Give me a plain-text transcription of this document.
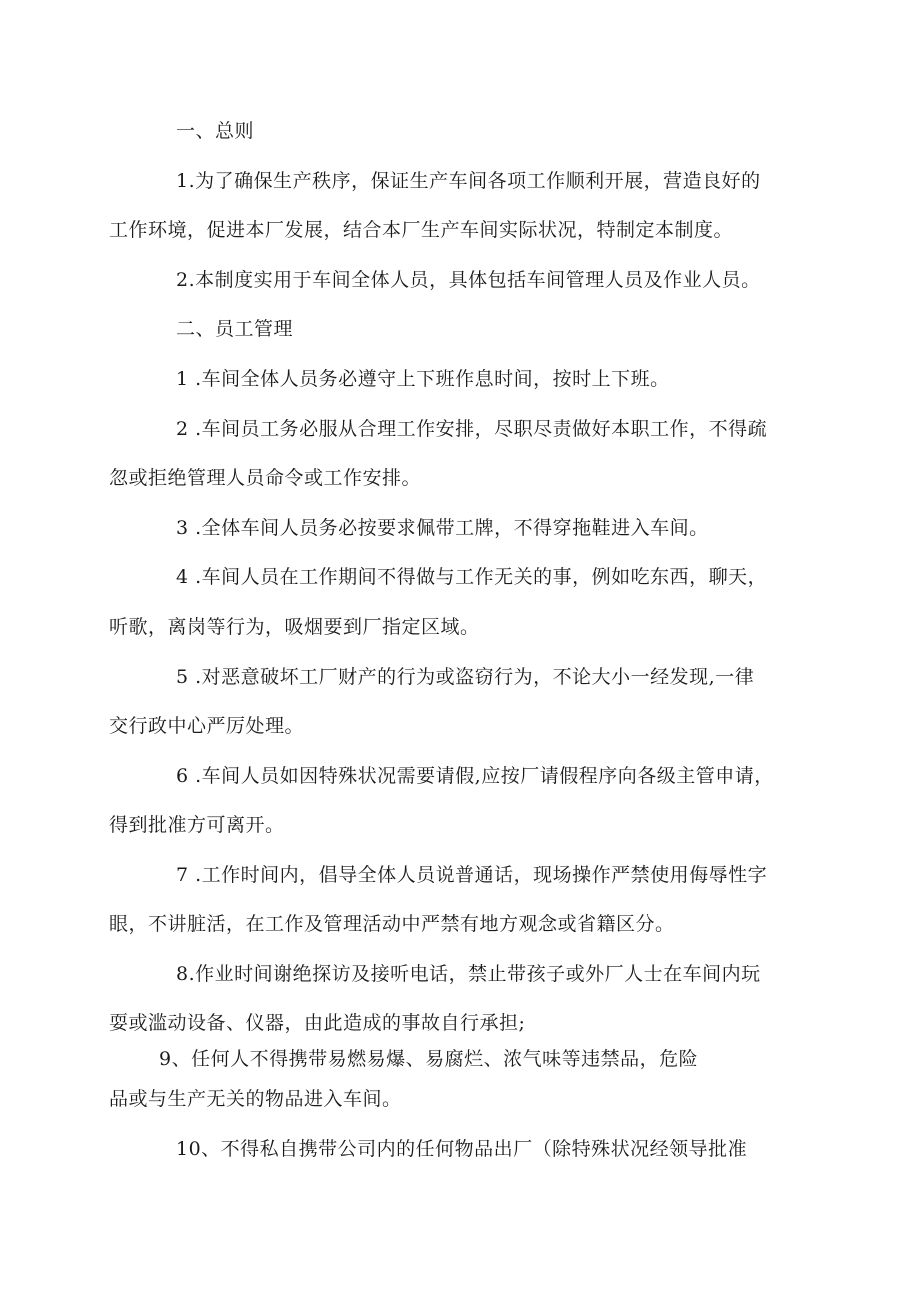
一、总则
1.为了确保生产秩序，保证生产车间各项工作顺利开展，营造良好的
工作环境，促进本厂发展，结合本厂生产车间实际状况，特制定本制度。
2.本制度实用于车间全体人员，具体包括车间管理人员及作业人员。
二、员工管理
1 .车间全体人员务必遵守上下班作息时间，按时上下班。
2 .车间员工务必服从合理工作安排，尽职尽责做好本职工作，不得疏
忽或拒绝管理人员命令或工作安排。
3 .全体车间人员务必按要求佩带工牌，不得穿拖鞋进入车间。
4 .车间人员在工作期间不得做与工作无关的事，例如吃东西，聊天，
听歌，离岗等行为，吸烟要到厂指定区域。
5 .对恶意破坏工厂财产的行为或盗窃行为，不论大小一经发现,一律
交行政中心严厉处理。
6 .车间人员如因特殊状况需要请假,应按厂请假程序向各级主管申请，
得到批准方可离开。
7 .工作时间内，倡导全体人员说普通话，现场操作严禁使用侮辱性字
眼，不讲脏活，在工作及管理活动中严禁有地方观念或省籍区分。
8.作业时间谢绝探访及接听电话，禁止带孩子或外厂人士在车间内玩
耍或滥动设备、仪器，由此造成的事故自行承担;
9、任何人不得携带易燃易爆、易腐烂、浓气味等违禁品，危险
品或与生产无关的物品进入车间。
10、不得私自携带公司内的任何物品出厂（除特殊状况经领导批准
